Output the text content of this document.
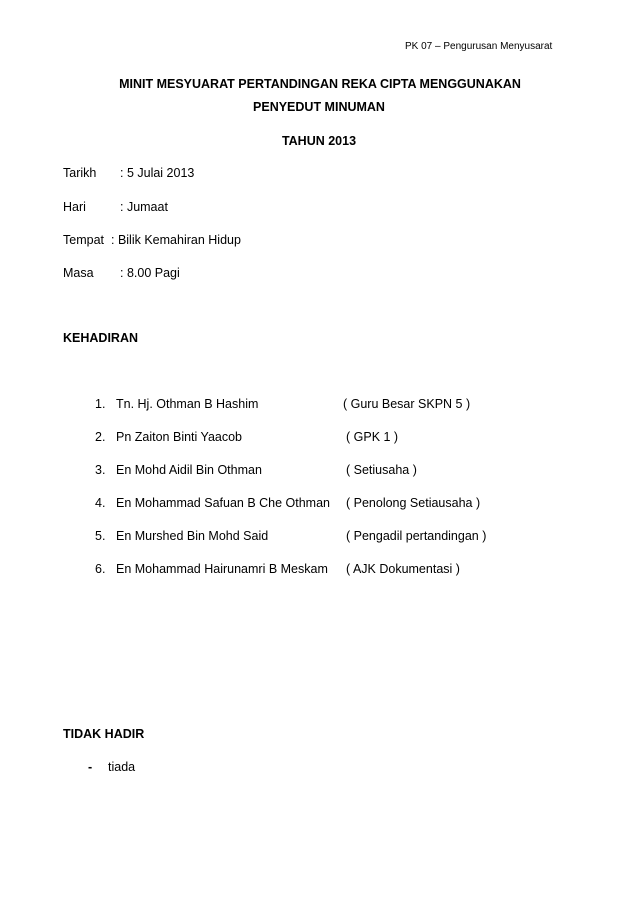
PK 07 – Pengurusan Menyusarat
MINIT MESYUARAT PERTANDINGAN REKA CIPTA MENGGUNAKAN
PENYEDUT MINUMAN
TAHUN 2013
Tarikh : 5 Julai 2013
Hari	: Jumaat
Tempat : Bilik Kemahiran Hidup
Masa : 8.00 Pagi
KEHADIRAN
1. Tn. Hj. Othman B Hashim	( Guru Besar SKPN 5 )
2. Pn Zaiton Binti Yaacob	( GPK 1 )
3. En Mohd Aidil Bin Othman	( Setiusaha )
4. En Mohammad Safuan B Che Othman ( Penolong Setiausaha )
5. En Murshed Bin Mohd Said	( Pengadil pertandingan )
6. En Mohammad Hairunamri B Meskam ( AJK Dokumentasi )
TIDAK HADIR
- tiada
